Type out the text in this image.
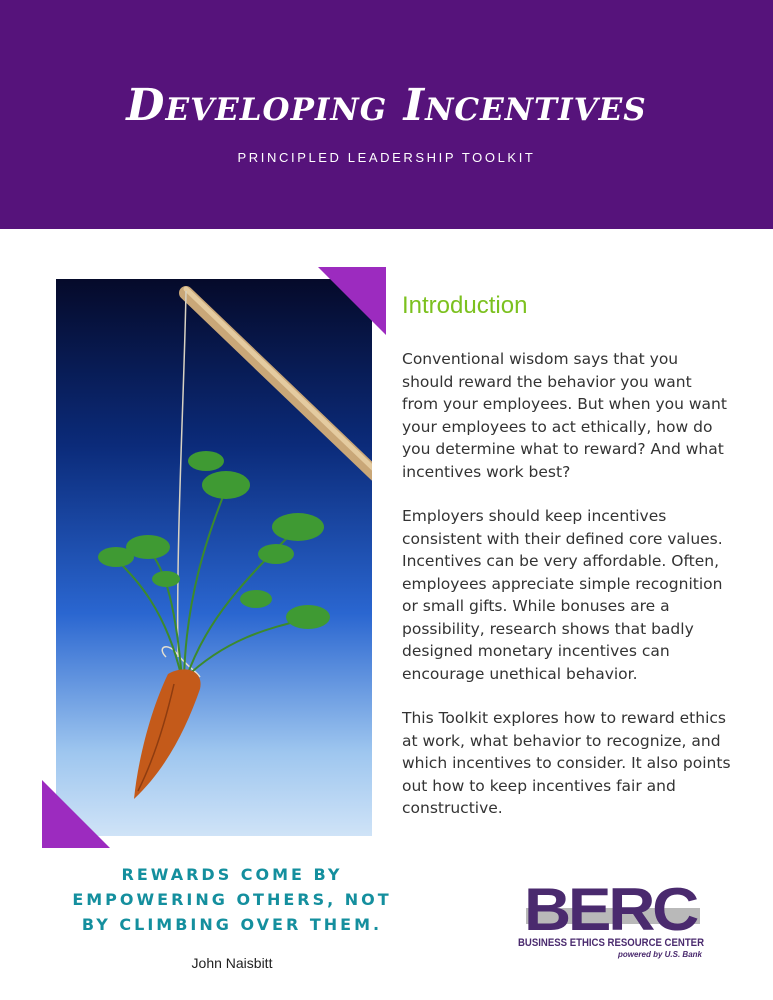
Developing Incentives
PRINCIPLED LEADERSHIP TOOLKIT
Introduction

Conventional wisdom says that you should reward the behavior you want from your employees. But when you want your employees to act ethically, how do you determine what to reward? And what incentives work best?

Employers should keep incentives consistent with their defined core values. Incentives can be very affordable. Often, employees appreciate simple recognition or small gifts. While bonuses are a possibility, research shows that badly designed monetary incentives can encourage unethical behavior.

This Toolkit explores how to reward ethics at work, what behavior to recognize, and which incentives to consider. It also points out how to keep incentives fair and constructive.

REWARDS COME BY EMPOWERING OTHERS, NOT BY CLIMBING OVER THEM.
John Naisbitt
BERC
BUSINESS ETHICS RESOURCE CENTER
powered by U.S. Bank
